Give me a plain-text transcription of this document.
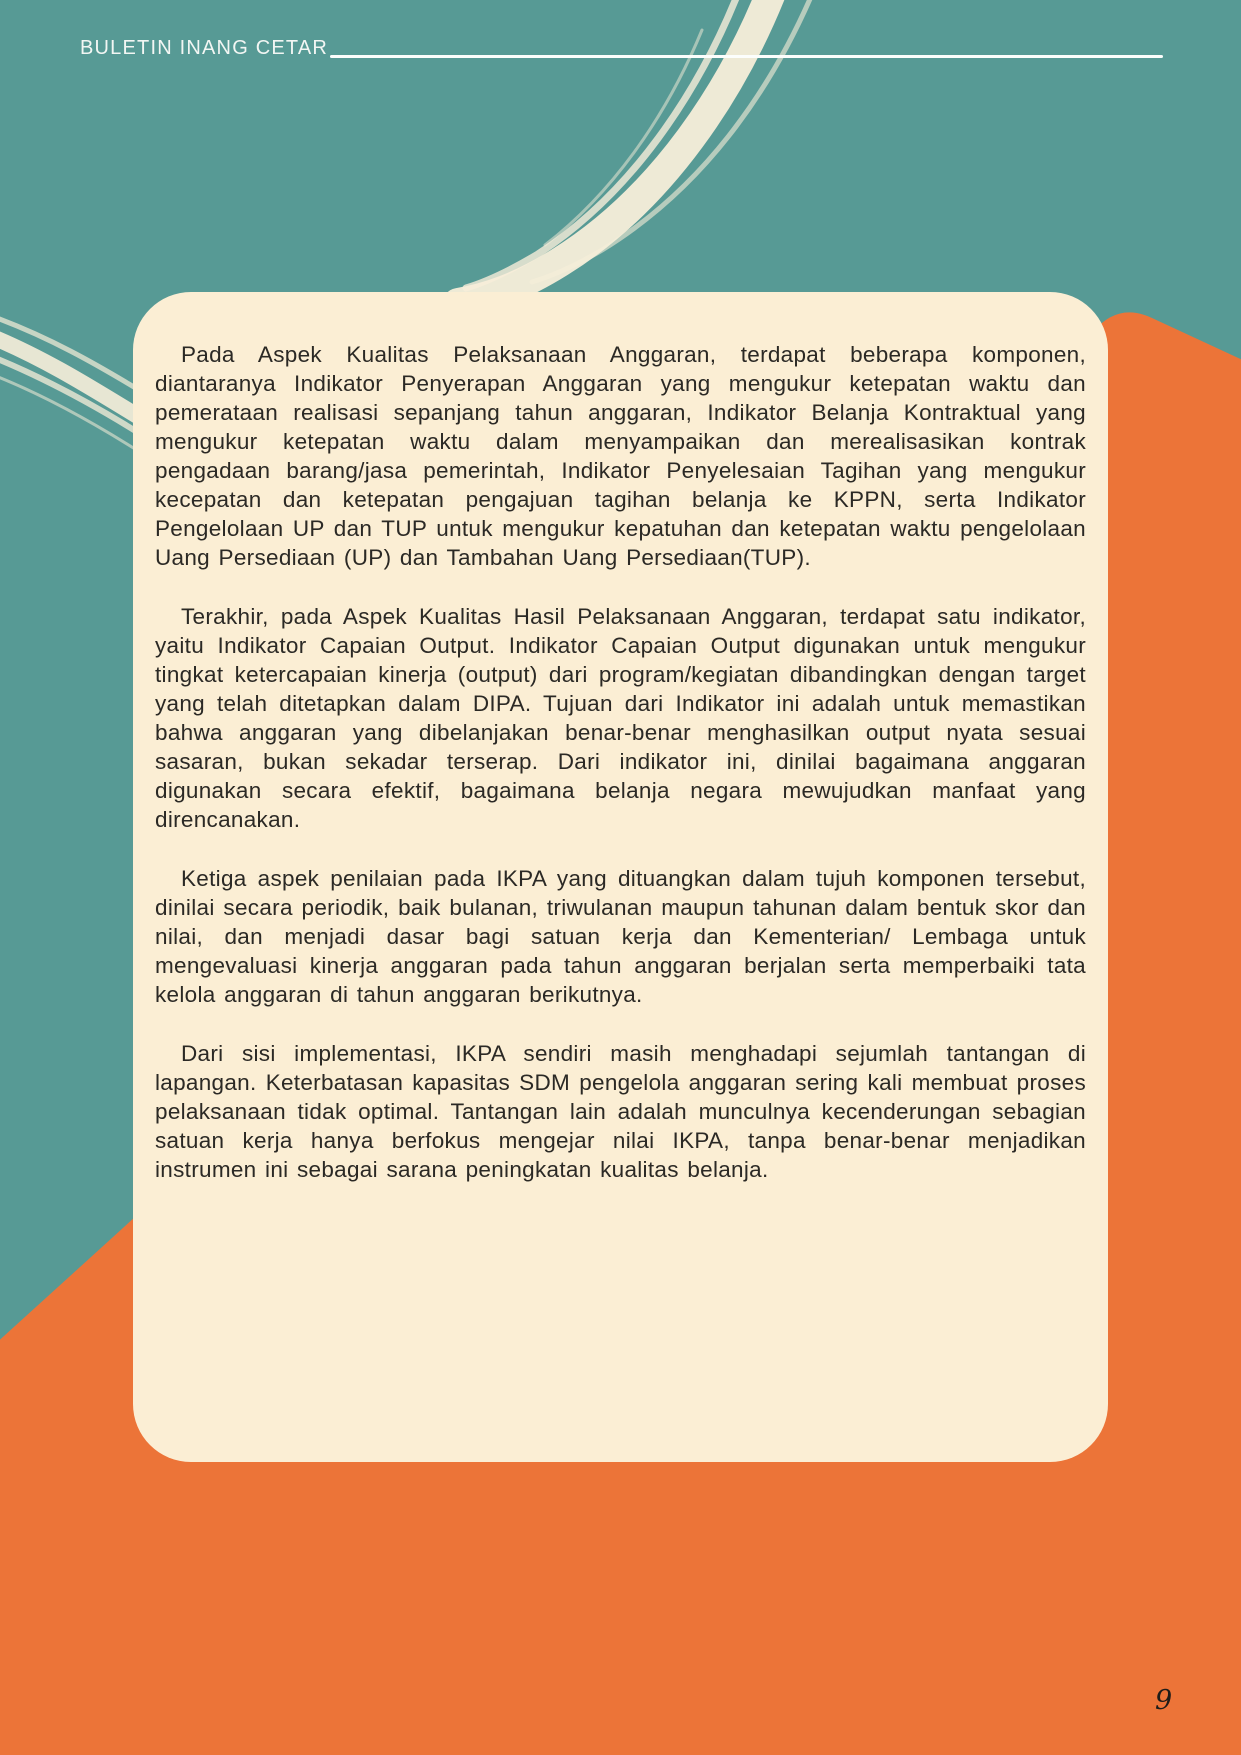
BULETIN INANG CETAR

Pada Aspek Kualitas Pelaksanaan Anggaran, terdapat beberapa komponen, diantaranya Indikator Penyerapan Anggaran yang mengukur ketepatan waktu dan pemerataan realisasi sepanjang tahun anggaran, Indikator Belanja Kontraktual yang mengukur ketepatan waktu dalam menyampaikan dan merealisasikan kontrak pengadaan barang/jasa pemerintah, Indikator Penyelesaian Tagihan yang mengukur kecepatan dan ketepatan pengajuan tagihan belanja ke KPPN, serta Indikator Pengelolaan UP dan TUP untuk mengukur kepatuhan dan ketepatan waktu pengelolaan Uang Persediaan (UP) dan Tambahan Uang Persediaan(TUP).

Terakhir, pada Aspek Kualitas Hasil Pelaksanaan Anggaran, terdapat satu indikator, yaitu Indikator Capaian Output. Indikator Capaian Output digunakan untuk mengukur tingkat ketercapaian kinerja (output) dari program/kegiatan dibandingkan dengan target yang telah ditetapkan dalam DIPA. Tujuan dari Indikator ini adalah untuk memastikan bahwa anggaran yang dibelanjakan benar-benar menghasilkan output nyata sesuai sasaran, bukan sekadar terserap. Dari indikator ini, dinilai bagaimana anggaran digunakan secara efektif, bagaimana belanja negara mewujudkan manfaat yang direncanakan.

Ketiga aspek penilaian pada IKPA yang dituangkan dalam tujuh komponen tersebut, dinilai secara periodik, baik bulanan, triwulanan maupun tahunan dalam bentuk skor dan nilai, dan menjadi dasar bagi satuan kerja dan Kementerian/ Lembaga untuk mengevaluasi kinerja anggaran pada tahun anggaran berjalan serta memperbaiki tata kelola anggaran di tahun anggaran berikutnya.

Dari sisi implementasi, IKPA sendiri masih menghadapi sejumlah tantangan di lapangan. Keterbatasan kapasitas SDM pengelola anggaran sering kali membuat proses pelaksanaan tidak optimal. Tantangan lain adalah munculnya kecenderungan sebagian satuan kerja hanya berfokus mengejar nilai IKPA, tanpa benar-benar menjadikan instrumen ini sebagai sarana peningkatan kualitas belanja.

9
